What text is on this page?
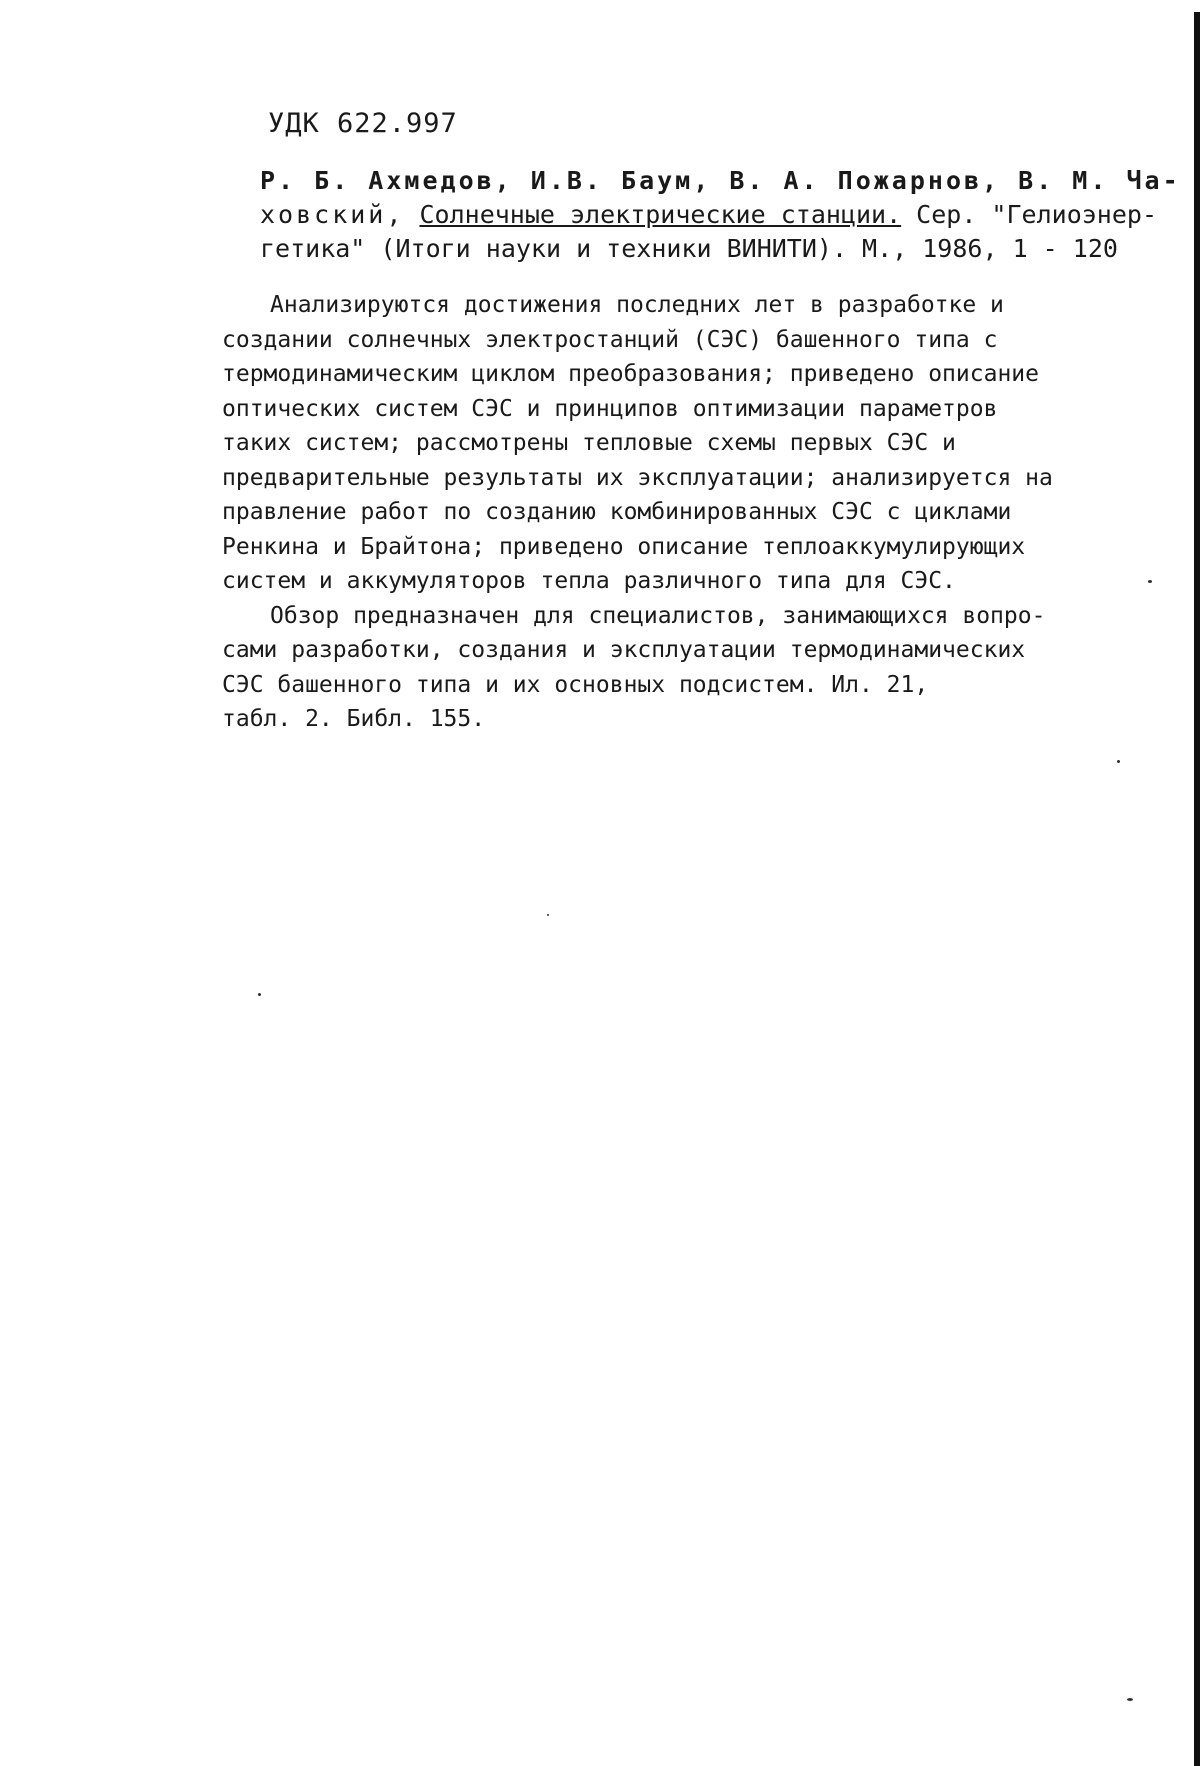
УДК 622.997
Р. Б. Ахмедов, И.В. Баум, В. А. Пожарнов, В. М. Ча-
ховский, Солнечные электрические станции. Сер. "Гелиоэнер-
гетика" (Итоги науки и техники ВИНИТИ). М., 1986, 1 - 120
Анализируются достижения последних лет в разработке и
создании солнечных электростанций (СЭС) башенного типа с
термодинамическим циклом преобразования; приведено описание
оптических систем СЭС и принципов оптимизации параметров
таких систем; рассмотрены тепловые схемы первых СЭС и
предварительные результаты их эксплуатации; анализируется на
правление работ по созданию комбинированных СЭС с циклами
Ренкина и Брайтона; приведено описание теплоаккумулирующих
систем и аккумуляторов тепла различного типа для СЭС.
Обзор предназначен для специалистов, занимающихся вопро-
сами разработки, создания и эксплуатации термодинамических
СЭС башенного типа и их основных подсистем. Ил. 21,
табл. 2. Библ. 155.
